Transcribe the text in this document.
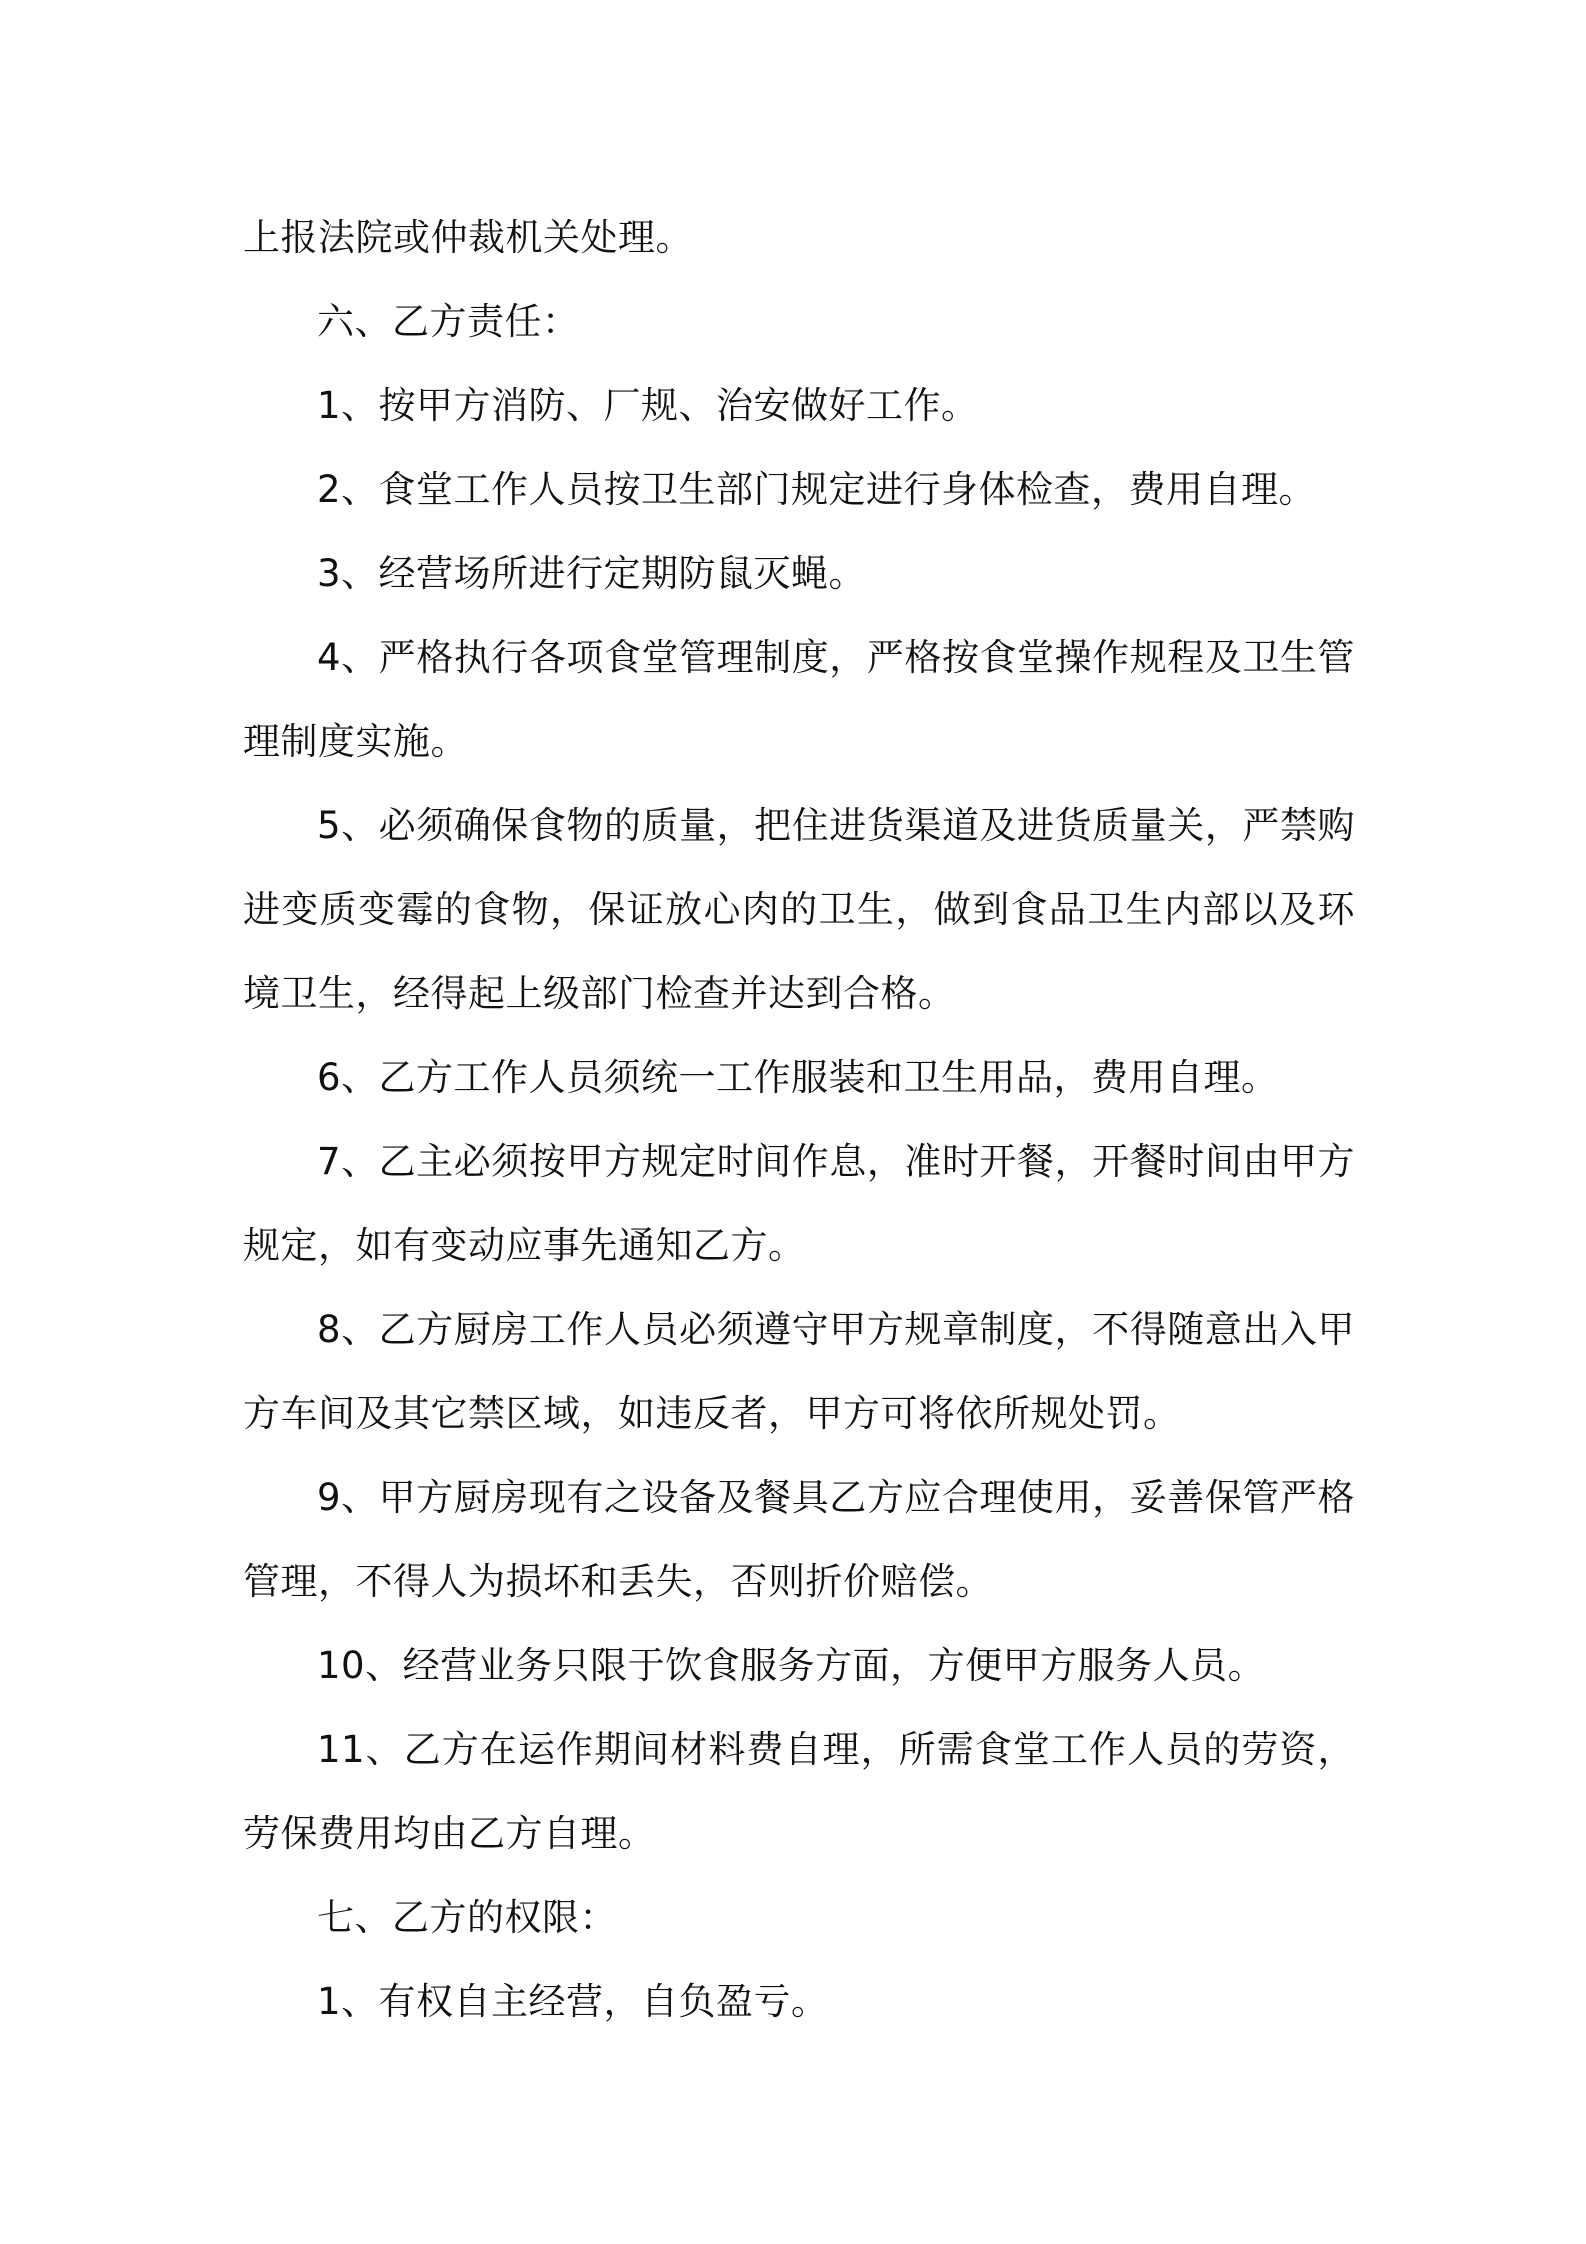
上报法院或仲裁机关处理。

六、乙方责任：

1、按甲方消防、厂规、治安做好工作。

2、食堂工作人员按卫生部门规定进行身体检查，费用自理。

3、经营场所进行定期防鼠灭蝇。

4、严格执行各项食堂管理制度，严格按食堂操作规程及卫生管理制度实施。

5、必须确保食物的质量，把住进货渠道及进货质量关，严禁购进变质变霉的食物，保证放心肉的卫生，做到食品卫生内部以及环境卫生，经得起上级部门检查并达到合格。

6、乙方工作人员须统一工作服装和卫生用品，费用自理。

7、乙主必须按甲方规定时间作息，准时开餐，开餐时间由甲方规定，如有变动应事先通知乙方。

8、乙方厨房工作人员必须遵守甲方规章制度，不得随意出入甲方车间及其它禁区域，如违反者，甲方可将依所规处罚。

9、甲方厨房现有之设备及餐具乙方应合理使用，妥善保管严格管理，不得人为损坏和丢失，否则折价赔偿。

10、经营业务只限于饮食服务方面，方便甲方服务人员。

11、乙方在运作期间材料费自理，所需食堂工作人员的劳资，劳保费用均由乙方自理。

七、乙方的权限：

1、有权自主经营，自负盈亏。
